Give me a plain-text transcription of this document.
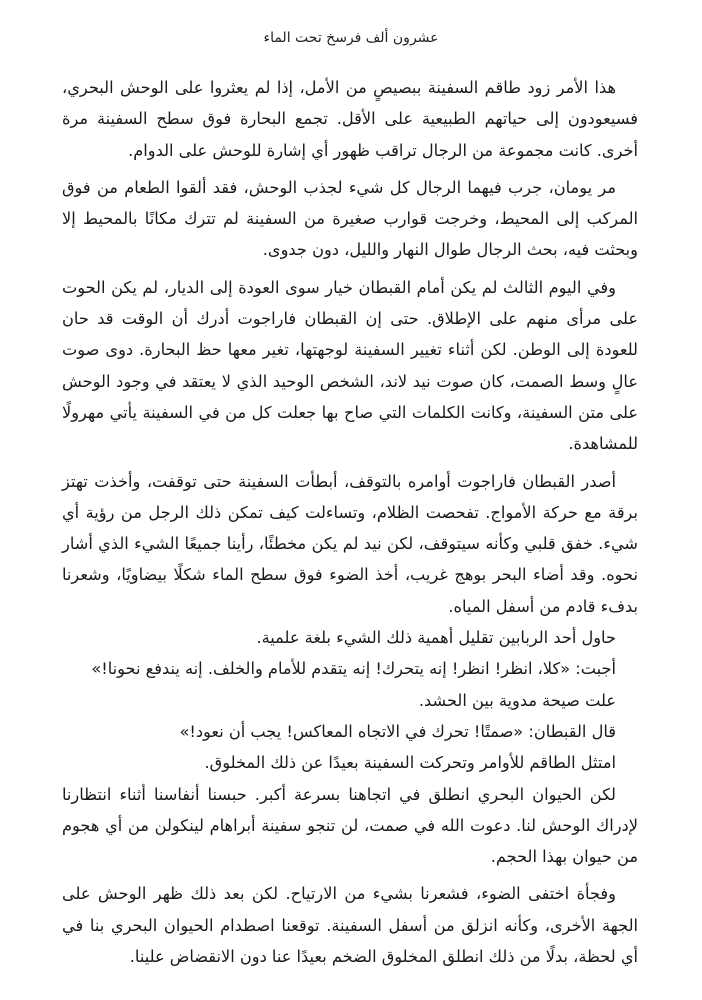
عشرون ألف فرسخ تحت الماء

هذا الأمر زود طاقم السفينة ببصيصٍ من الأمل، إذا لم يعثروا على الوحش البحري، فسيعودون إلى حياتهم الطبيعية على الأقل. تجمع البحارة فوق سطح السفينة مرة أخرى. كانت مجموعة من الرجال تراقب ظهور أي إشارة للوحش على الدوام.

مر يومان، جرب فيهما الرجال كل شيء لجذب الوحش، فقد ألقوا الطعام من فوق المركب إلى المحيط، وخرجت قوارب صغيرة من السفينة لم تترك مكانًا بالمحيط إلا وبحثت فيه، بحث الرجال طوال النهار والليل، دون جدوى.

وفي اليوم الثالث لم يكن أمام القبطان خيار سوى العودة إلى الديار، لم يكن الحوت على مرأى منهم على الإطلاق. حتى إن القبطان فاراجوت أدرك أن الوقت قد حان للعودة إلى الوطن. لكن أثناء تغيير السفينة لوجهتها، تغير معها حظ البحارة. دوى صوت عالٍ وسط الصمت، كان صوت نيد لاند، الشخص الوحيد الذي لا يعتقد في وجود الوحش على متن السفينة، وكانت الكلمات التي صاح بها جعلت كل من في السفينة يأتي مهرولًا للمشاهدة.

أصدر القبطان فاراجوت أوامره بالتوقف، أبطأت السفينة حتى توقفت، وأخذت تهتز برقة مع حركة الأمواج. تفحصت الظلام، وتساءلت كيف تمكن ذلك الرجل من رؤية أي شيء. خفق قلبي وكأنه سيتوقف، لكن نيد لم يكن مخطئًا، رأينا جميعًا الشيء الذي أشار نحوه. وقد أضاء البحر بوهج غريب، أخذ الضوء فوق سطح الماء شكلًا بيضاويًا، وشعرنا بدفء قادم من أسفل المياه.

حاول أحد الربابين تقليل أهمية ذلك الشيء بلغة علمية.

أجبت: «كلا، انظر! انظر! إنه يتحرك! إنه يتقدم للأمام والخلف. إنه يندفع نحونا!»

علت صيحة مدوية بين الحشد.

قال القبطان: «صمتًا! تحرك في الاتجاه المعاكس! يجب أن نعود!»

امتثل الطاقم للأوامر وتحركت السفينة بعيدًا عن ذلك المخلوق.

لكن الحيوان البحري انطلق في اتجاهنا بسرعة أكبر. حبسنا أنفاسنا أثناء انتظارنا لإدراك الوحش لنا. دعوت الله في صمت، لن تنجو سفينة أبراهام لينكولن من أي هجوم من حيوان بهذا الحجم.

وفجأة اختفى الضوء، فشعرنا بشيء من الارتياح. لكن بعد ذلك ظهر الوحش على الجهة الأخرى، وكأنه انزلق من أسفل السفينة. توقعنا اصطدام الحيوان البحري بنا في أي لحظة، بدلًا من ذلك انطلق المخلوق الضخم بعيدًا عنا دون الانقضاض علينا.
